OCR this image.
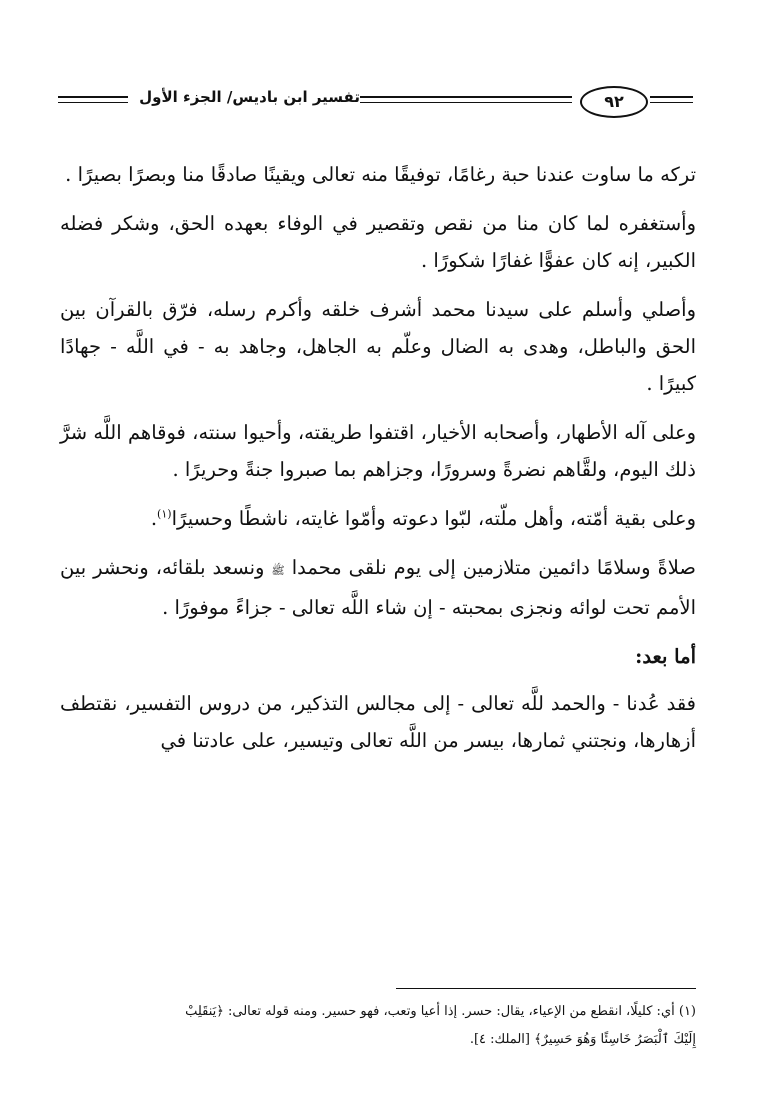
٩٢
تفسير ابن باديس/ الجزء الأول

تركه ما ساوت عندنا حبة رغامًا، توفيقًا منه تعالى ويقينًا صادقًا منا وبصرًا بصيرًا .

وأستغفره لما كان منا من نقص وتقصير في الوفاء بعهده الحق، وشكر فضله الكبير، إنه كان عفوًّا غفارًا شكورًا .

وأصلي وأسلم على سيدنا محمد أشرف خلقه وأكرم رسله، فرّق بالقرآن بين الحق والباطل، وهدى به الضال وعلّم به الجاهل، وجاهد به - في اللَّه - جهادًا كبيرًا .

وعلى آله الأطهار، وأصحابه الأخيار، اقتفوا طريقته، وأحيوا سنته، فوقاهم اللَّه شرَّ ذلك اليوم، ولقَّاهم نضرةً وسرورًا، وجزاهم بما صبروا جنةً وحريرًا .

وعلى بقية أمّته، وأهل ملّته، لبّوا دعوته وأمّوا غايته، ناشطًا وحسيرًا$^{(١)}$.

صلاةً وسلامًا دائمين متلازمين إلى يوم نلقى محمدا ﷺ ونسعد بلقائه، ونحشر بين الأمم تحت لوائه ونجزى بمحبته - إن شاء اللَّه تعالى - جزاءً موفورًا .

أما بعد:

فقد عُدنا - والحمد للَّه تعالى - إلى مجالس التذكير، من دروس التفسير، نقتطف أزهارها، ونجتني ثمارها، بيسر من اللَّه تعالى وتيسير، على عادتنا في

(١) أي: كليلًا، انقطع من الإعياء، يقال: حسر. إذا أعيا وتعب، فهو حسير. ومنه قوله تعالى: ﴿يَنقَلِبْ
إِلَيْكَ ٱلْبَصَرُ خَاسِئًا وَهُوَ حَسِيرٌ﴾ [الملك: ٤].
